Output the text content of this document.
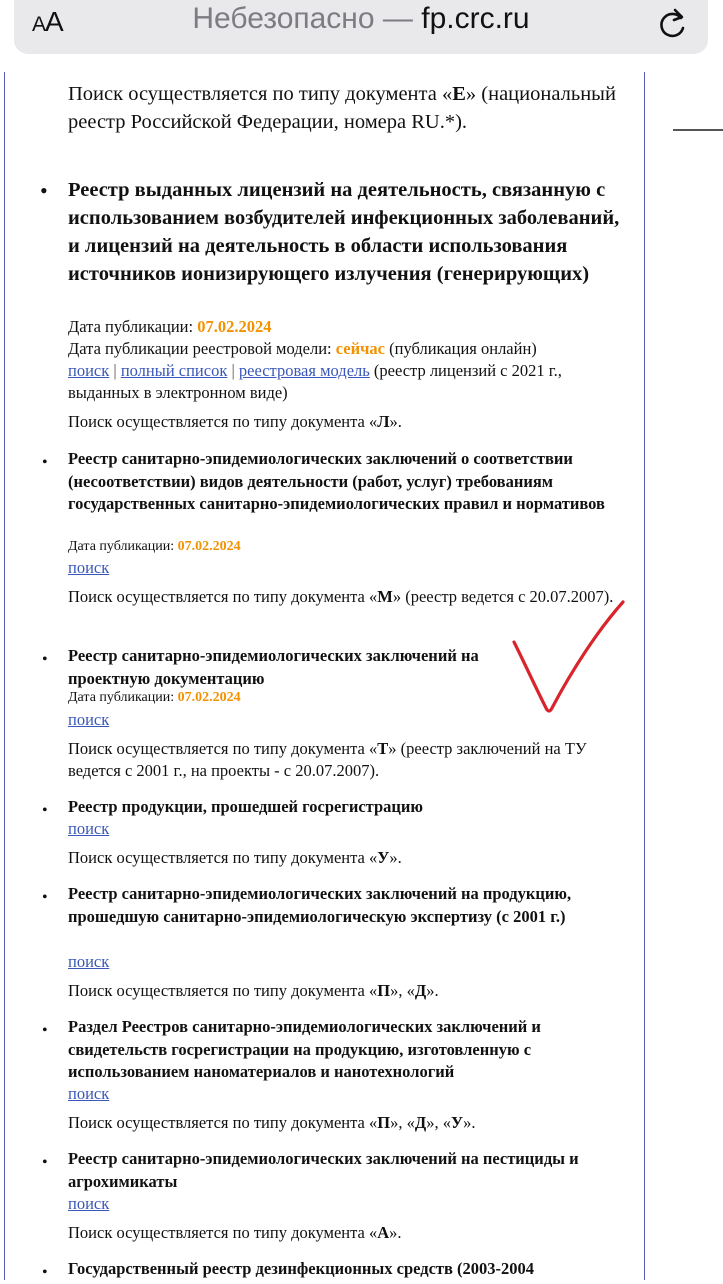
AA	Небезопасно — fp.crc.ru
Поиск осуществляется по типу документа «Е» (национальный реестр Российской Федерации, номера RU.*).
• Реестр выданных лицензий на деятельность, связанную с использованием возбудителей инфекционных заболеваний, и лицензий на деятельность в области использования источников ионизирующего излучения (генерирующих)
Дата публикации: 07.02.2024
Дата публикации реестровой модели: сейчас (публикация онлайн)
поиск | полный список | реестровая модель (реестр лицензий с 2021 г., выданных в электронном виде)
Поиск осуществляется по типу документа «Л».
• Реестр санитарно-эпидемиологических заключений о соответствии (несоответствии) видов деятельности (работ, услуг) требованиям государственных санитарно-эпидемиологических правил и нормативов
Дата публикации: 07.02.2024
поиск
Поиск осуществляется по типу документа «М» (реестр ведется с 20.07.2007).
• Реестр санитарно-эпидемиологических заключений на проектную документацию
Дата публикации: 07.02.2024
поиск
Поиск осуществляется по типу документа «Т» (реестр заключений на ТУ ведется с 2001 г., на проекты - с 20.07.2007).
• Реестр продукции, прошедшей госрегистрацию
поиск
Поиск осуществляется по типу документа «У».
• Реестр санитарно-эпидемиологических заключений на продукцию, прошедшую санитарно-эпидемиологическую экспертизу (с 2001 г.)
поиск
Поиск осуществляется по типу документа «П», «Д».
• Раздел Реестров санитарно-эпидемиологических заключений и свидетельств госрегистрации на продукцию, изготовленную с использованием наноматериалов и нанотехнологий
поиск
Поиск осуществляется по типу документа «П», «Д», «У».
• Реестр санитарно-эпидемиологических заключений на пестициды и агрохимикаты
поиск
Поиск осуществляется по типу документа «А».
• Государственный реестр дезинфекционных средств (2003-2004
